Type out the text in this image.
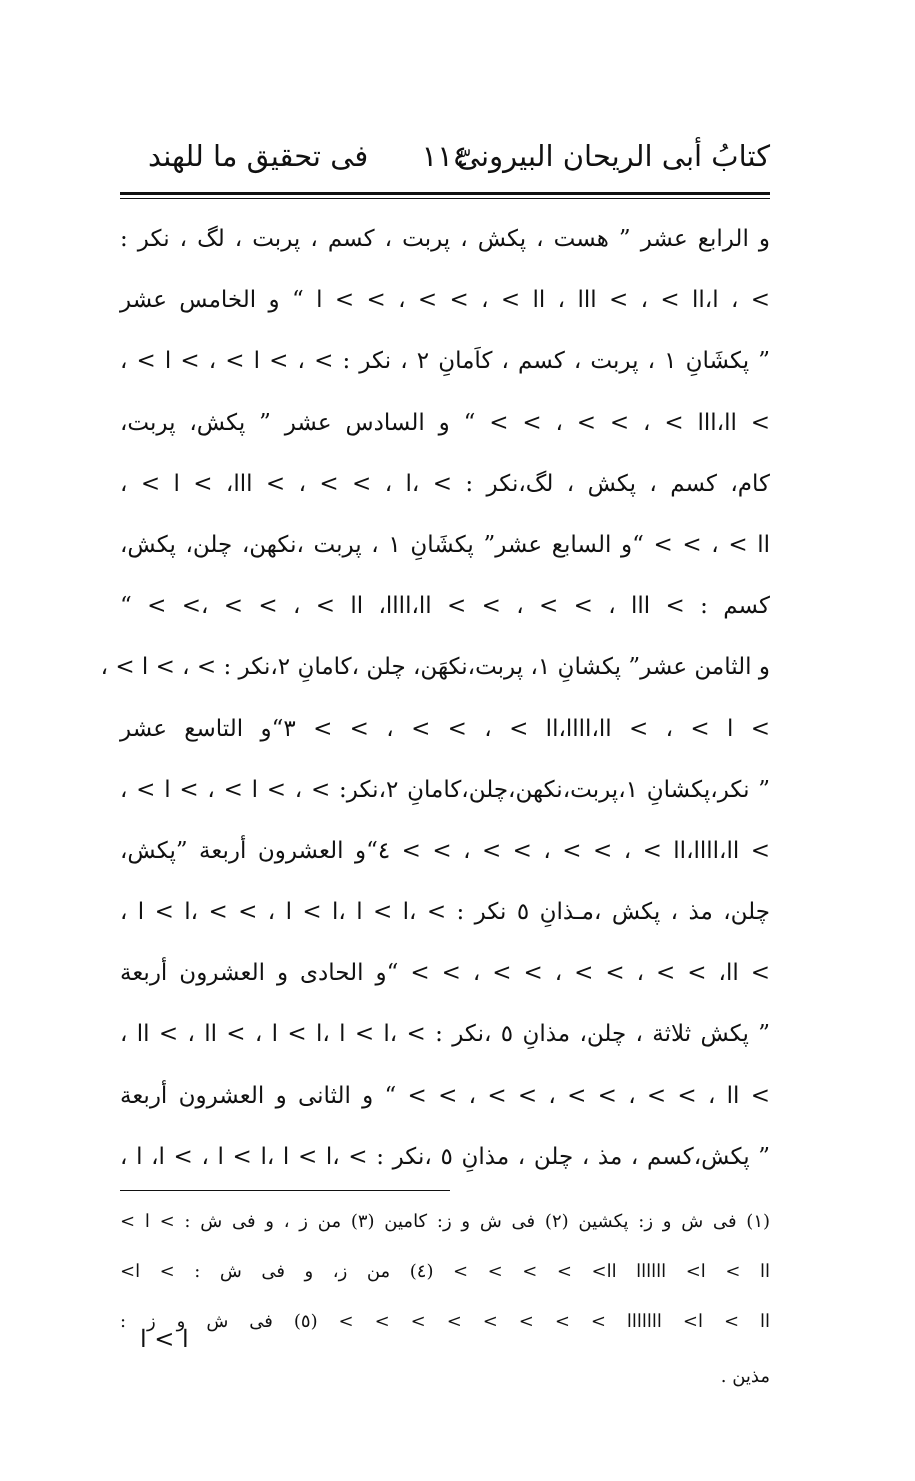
كتابُ أبى الريحان البيرونىّ
١١٤
فى تحقيق ما للهند
و الرابع عشر ” هست ، پكش ، پربت ، كسم ، پربت ، لگ ، نكر :
> ، ا،اا > ، > ااا ، اا > ، > > ، > > ا “ و الخامس عشر
” پكشَانِ ١ ، پربت ، كسم ، كاَمانِ ٢ ، نكر : > ، > ا > ، > ا > ،
> اا،ااا > ، > > ، > > “ و السادس عشر ” پكش، پربت،
كام، كسم ، پكش ، لگ،نكر : > ،ا ، > > ، > ااا، > ا > ،
اا > ، > > “و السابع عشر” پكشَانِ ١ ، پربت ،نكهن، چلن، پكش،
كسم : > ااا ، > > ، > > اا،اااا، اا > ، > > ،> > “
و الثامن عشر” پكشانِ ١، پربت،نكهَن، چلن ،كامانِ ٢،نكر : > ، > ا > ،
> ا > ، > اا،اااا،اا > ، > > ، > > ٣“و التاسع عشر
” نكر،پكشانِ ١،پربت،نكهن،چلن،كامانِ ٢،نكر: > ، > ا > ، > ا > ،
> اا،اااا،اا > ، > > ، > > ، > > ٤“و العشرون أربعة ”پكش،
چلن، مذ ، پكش ،مـذانِ ٥ نكر : > ،ا > ا ،ا > ا ، > > ،ا > ا ،
> اا، > > ، > > ، > > ، > > “و الحادى و العشرون أربعة
” پكش ثلاثة ، چلن، مذانِ ٥ ،نكر : > ،ا > ا ،ا > ا ، > اا ، > اا ،
> اا ، > > ، > > ، > > ، > > “ و الثانى و العشرون أربعة
” پكش،كسم ، مذ ، چلن ، مذانِ ٥ ،نكر : > ،ا > ا ،ا > ا ، > ا، ا ،
(١) فى ش و ز: پكشين (٢) فى ش و ز: كامين (٣) من ز ، و فى ش : > ا >
اا > ا> اااااا اا> > > > > (٤) من ز، و فى ش : > ا>
اا > ا> ااااااا > > > > > > > > (٥) فى ش و ز :
مذين .
ا > ا
